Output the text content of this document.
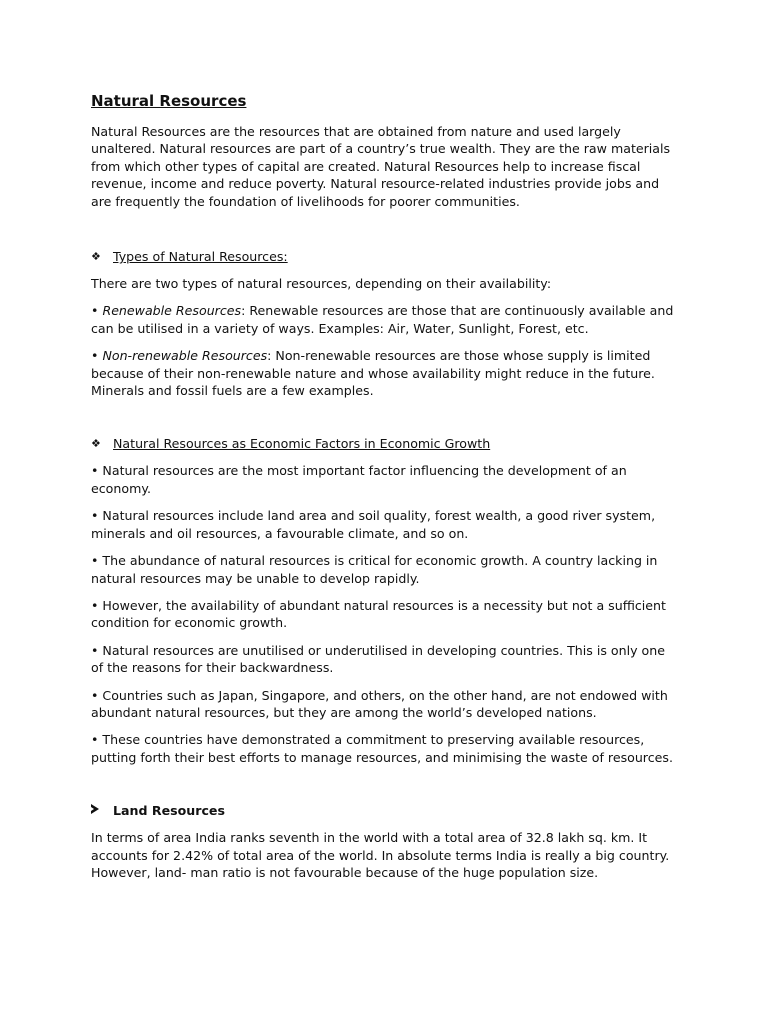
Natural Resources

Natural Resources are the resources that are obtained from nature and used largely unaltered. Natural resources are part of a country’s true wealth. They are the raw materials from which other types of capital are created. Natural Resources help to increase fiscal revenue, income and reduce poverty. Natural resource-related industries provide jobs and are frequently the foundation of livelihoods for poorer communities.

❖ Types of Natural Resources:

There are two types of natural resources, depending on their availability:

• Renewable Resources: Renewable resources are those that are continuously available and can be utilised in a variety of ways. Examples: Air, Water, Sunlight, Forest, etc.

• Non-renewable Resources: Non-renewable resources are those whose supply is limited because of their non-renewable nature and whose availability might reduce in the future. Minerals and fossil fuels are a few examples.

❖ Natural Resources as Economic Factors in Economic Growth

• Natural resources are the most important factor influencing the development of an economy.

• Natural resources include land area and soil quality, forest wealth, a good river system, minerals and oil resources, a favourable climate, and so on.

• The abundance of natural resources is critical for economic growth. A country lacking in natural resources may be unable to develop rapidly.

• However, the availability of abundant natural resources is a necessity but not a sufficient condition for economic growth.

• Natural resources are unutilised or underutilised in developing countries. This is only one of the reasons for their backwardness.

• Countries such as Japan, Singapore, and others, on the other hand, are not endowed with abundant natural resources, but they are among the world’s developed nations.

• These countries have demonstrated a commitment to preserving available resources, putting forth their best efforts to manage resources, and minimising the waste of resources.

Land Resources

In terms of area India ranks seventh in the world with a total area of 32.8 lakh sq. km. It accounts for 2.42% of total area of the world. In absolute terms India is really a big country. However, land- man ratio is not favourable because of the huge population size.
